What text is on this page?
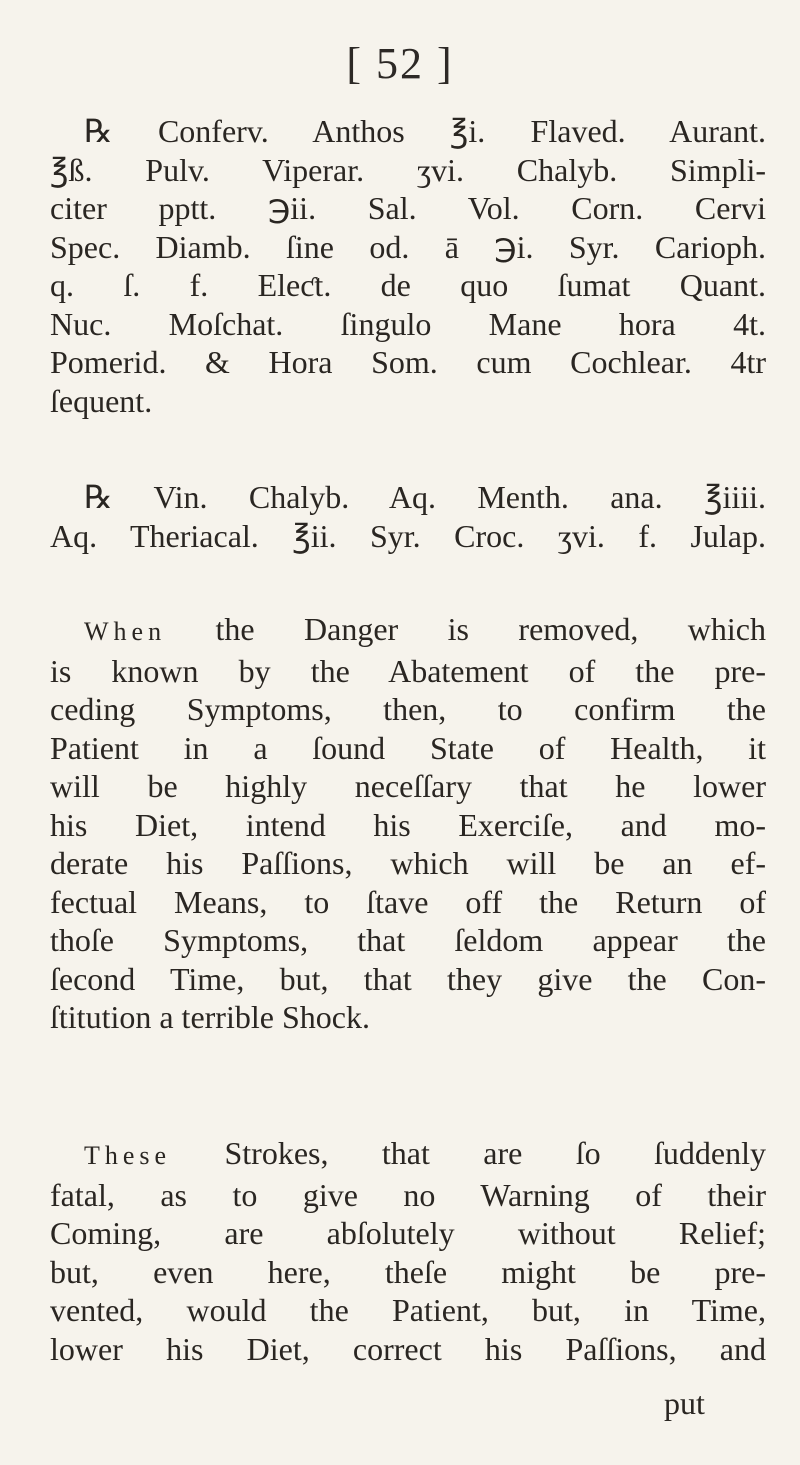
[ 52 ]
℞ Conferv. Anthos ℥i. Flaved. Aurant.
℥ß. Pulv. Viperar. ʒvi. Chalyb. Simpli-
citer pptt. ℈ii. Sal. Vol. Corn. Cervi
Spec. Diamb. ſine od. ā ℈i. Syr. Carioph.
q. ſ. f. Eleƈt. de quo ſumat Quant.
Nuc. Moſchat. ſingulo Mane hora 4t.
Pomerid. & Hora Som. cum Cochlear. 4tr
ſequent.
℞ Vin. Chalyb. Aq. Menth. ana. ℥iiii.
Aq. Theriacal. ℥ii. Syr. Croc. ʒvi. f. Julap.
When the Danger is removed, which
is known by the Abatement of the pre-
ceding Symptoms, then, to confirm the
Patient in a ſound State of Health, it
will be highly neceſſary that he lower
his Diet, intend his Exerciſe, and mo-
derate his Paſſions, which will be an ef-
fectual Means, to ſtave off the Return of
thoſe Symptoms, that ſeldom appear the
ſecond Time, but, that they give the Con-
ſtitution a terrible Shock.
These Strokes, that are ſo ſuddenly
fatal, as to give no Warning of their
Coming, are abſolutely without Relief;
but, even here, theſe might be pre-
vented, would the Patient, but, in Time,
lower his Diet, correct his Paſſions, and
put
